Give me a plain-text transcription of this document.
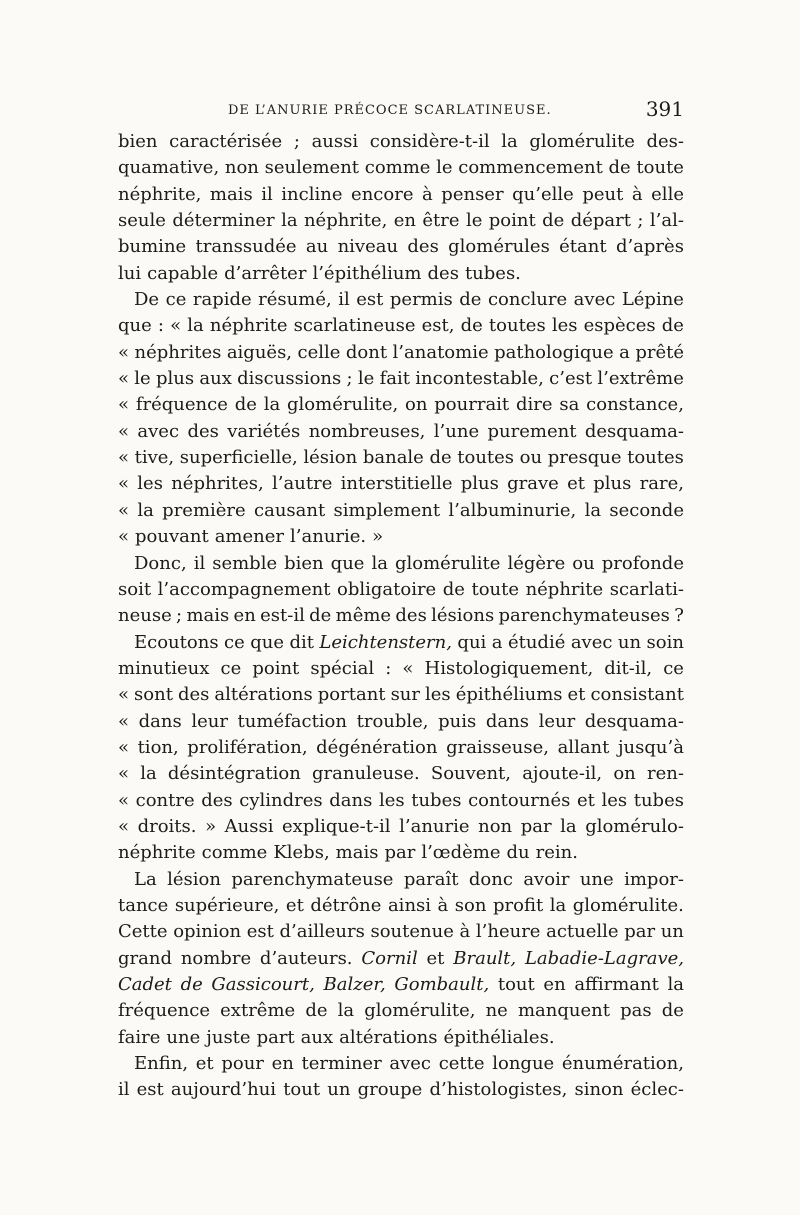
DE L’ANURIE PRÉCOCE SCARLATINEUSE.	391
bien caractérisée ; aussi considère-t-il la glomérulite des-
quamative, non seulement comme le commencement de toute
néphrite, mais il incline encore à penser qu’elle peut à elle
seule déterminer la néphrite, en être le point de départ ; l’al-
bumine transsudée au niveau des glomérules étant d’après
lui capable d’arrêter l’épithélium des tubes.
De ce rapide résumé, il est permis de conclure avec Lépine
que : « la néphrite scarlatineuse est, de toutes les espèces de
« néphrites aiguës, celle dont l’anatomie pathologique a prêté
« le plus aux discussions ; le fait incontestable, c’est l’extrême
« fréquence de la glomérulite, on pourrait dire sa constance,
« avec des variétés nombreuses, l’une purement desquama-
« tive, superficielle, lésion banale de toutes ou presque toutes
« les néphrites, l’autre interstitielle plus grave et plus rare,
« la première causant simplement l’albuminurie, la seconde
« pouvant amener l’anurie. »
Donc, il semble bien que la glomérulite légère ou profonde
soit l’accompagnement obligatoire de toute néphrite scarlati-
neuse ; mais en est-il de même des lésions parenchymateuses ?
Ecoutons ce que dit Leichtenstern, qui a étudié avec un soin
minutieux ce point spécial : « Histologiquement, dit-il, ce
« sont des altérations portant sur les épithéliums et consistant
« dans leur tuméfaction trouble, puis dans leur desquama-
« tion, prolifération, dégénération graisseuse, allant jusqu’à
« la désintégration granuleuse. Souvent, ajoute-il, on ren-
« contre des cylindres dans les tubes contournés et les tubes
« droits. » Aussi explique-t-il l’anurie non par la glomérulo-
néphrite comme Klebs, mais par l’œdème du rein.
La lésion parenchymateuse paraît donc avoir une impor-
tance supérieure, et détrône ainsi à son profit la glomérulite.
Cette opinion est d’ailleurs soutenue à l’heure actuelle par un
grand nombre d’auteurs. Cornil et Brault, Labadie-Lagrave,
Cadet de Gassicourt, Balzer, Gombault, tout en affirmant la
fréquence extrême de la glomérulite, ne manquent pas de
faire une juste part aux altérations épithéliales.
Enfin, et pour en terminer avec cette longue énumération,
il est aujourd’hui tout un groupe d’histologistes, sinon éclec-
